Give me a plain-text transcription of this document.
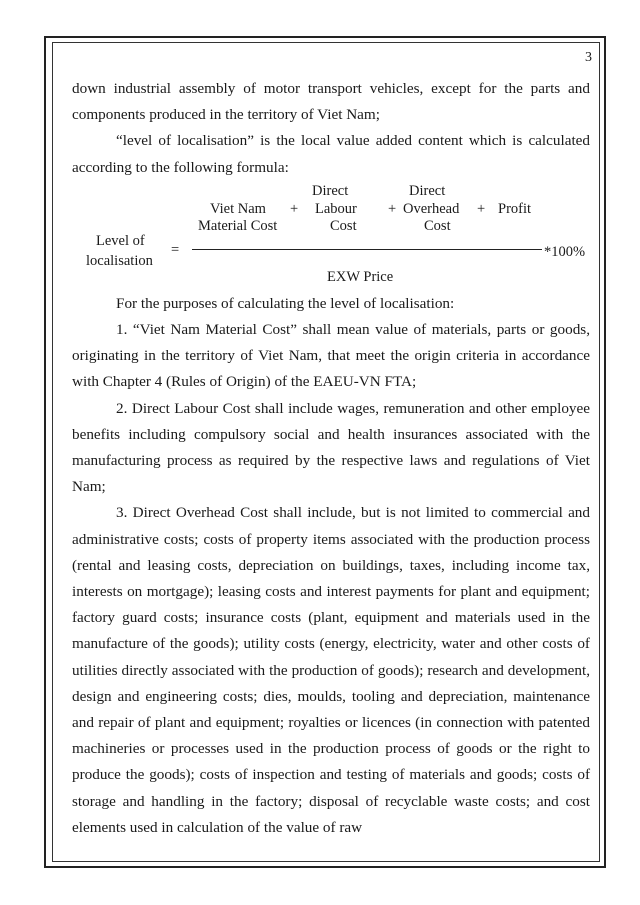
3

down industrial assembly of motor transport vehicles, except for the parts and components produced in the territory of Viet Nam;

“level of localisation” is the local value added content which is calculated according to the following formula:

Direct	Direct
Viet Nam + Labour + Overhead + Profit
Material Cost	Cost	Cost
Level of
localisation
=	*100%
EXW Price

For the purposes of calculating the level of localisation:

1. “Viet Nam Material Cost” shall mean value of materials, parts or goods, originating in the territory of Viet Nam, that meet the origin criteria in accordance with Chapter 4 (Rules of Origin) of the EAEU-VN FTA;

2. Direct Labour Cost shall include wages, remuneration and other employee benefits including compulsory social and health insurances associated with the manufacturing process as required by the respective laws and regulations of Viet Nam;

3. Direct Overhead Cost shall include, but is not limited to commercial and administrative costs; costs of property items associated with the production process (rental and leasing costs, depreciation on buildings, taxes, including income tax, interests on mortgage); leasing costs and interest payments for plant and equipment; factory guard costs; insurance costs (plant, equipment and materials used in the manufacture of the goods); utility costs (energy, electricity, water and other costs of utilities directly associated with the production of goods); research and development, design and engineering costs; dies, moulds, tooling and depreciation, maintenance and repair of plant and equipment; royalties or licences (in connection with patented machineries or processes used in the production process of goods or the right to produce the goods); costs of inspection and testing of materials and goods; costs of storage and handling in the factory; disposal of recyclable waste costs; and cost elements used in calculation of the value of raw
